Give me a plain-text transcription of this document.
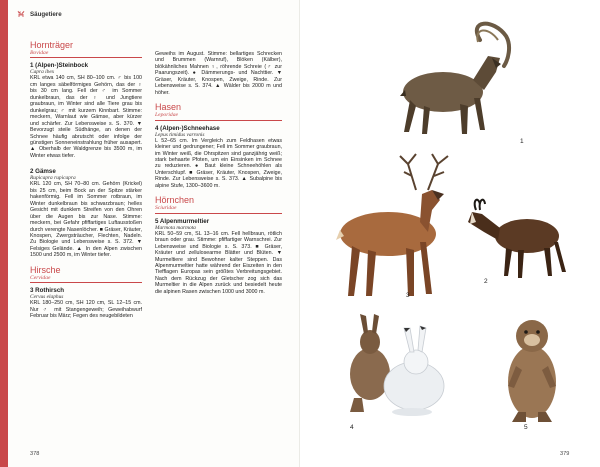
Säugetiere
Hornträger
Bovidae
1 (Alpen-)Steinbock
Capra ibex
KRL etwa 140 cm, SH 80–100 cm. ♂ bis 100 cm langes säbelförmiges Gehörn, das der ♀ bis 30 cm lang. Fell der ♂ im Sommer dunkelbraun, das der ♀ und Jungtiere graubraun, im Winter sind alle Tiere grau bis dunkelgrau; ♂ mit kurzem Kinnbart. Stimme: meckern, Warnlaut wie Gämse, aber kürzer und schärfer. Zur Lebensweise s. S. 370. ▼ Bevorzugt steile Südhänge, an denen der Schnee häufig abrutscht oder infolge der günstigen Sonneneinstrahlung früher ausapert. ▲ Oberhalb der Waldgrenze bis 3500 m, im Winter etwas tiefer.
2 Gämse
Rupicapra rupicapra
KRL 120 cm, SH 70–80 cm. Gehörn (Krickel) bis 25 cm, beim Bock an der Spitze stärker hakenförmig. Fell im Sommer rotbraun, im Winter dunkelbraun bis schwarzbraun; helles Gesicht mit dunklem Streifen von den Ohren über die Augen bis zur Nase. Stimme: meckern, bei Gefahr pfiffartiges Luftausstoßen durch verengte Nasenlöcher. ■ Gräser, Kräuter, Knospen, Zwergsträucher, Flechten, Nadeln. Zu Biologie und Lebensweise s. S. 372. ▼ Felsiges Gelände. ▲ In den Alpen zwischen 1500 und 2500 m, im Winter tiefer.
Hirsche
Cervidae
3 Rothirsch
Cervus elaphus
KRL 180–250 cm, SH 120 cm, SL 12–15 cm. Nur ♂ mit Stangengeweih; Geweihabwurf Februar bis März; Fegen des neugebildeten
Geweihs im August. Stimme: bellartiges Schrecken und Brummen (Warnruf), Blöken (Kälber), blökähnliches Mahnen ♀, röhrende Schreie (♂ zur Paarungszeit). ● Dämmerungs- und Nachttier. ▼ Gräser, Kräuter, Knospen, Zweige, Rinde. Zur Lebensweise s. S. 374. ▲ Wälder bis 2000 m und höher.
Hasen
Leporidae
4 (Alpen-)Schneehase
Lepus timidus varronis
L 52–65 cm. Im Vergleich zum Feldhasen etwas kleiner und gedrungener; Fell im Sommer graubraun, im Winter weiß, die Ohrspitzen sind ganzjährig weiß; stark behaarte Pfoten, um ein Einsinken im Schnee zu reduzieren. ● Baut kleine Schneehöhlen als Unterschlupf. ■ Gräser, Kräuter, Knospen, Zweige, Rinde. Zur Lebensweise s. S. 373. ▲ Subalpine bis alpine Stufe, 1300–3600 m.
Hörnchen
Sciuridae
5 Alpenmurmeltier
Marmota marmota
KRL 50–59 cm, SL 13–16 cm. Fell hellbraun, rötlich braun oder grau. Stimme: pfiffartiger Warnschrei. Zur Lebensweise und Biologie s. S. 373. ■ Gräser, Kräuter und zellulosearme Blätter und Blüten. ▼ Murmeltiere sind Bewohner kalter Steppen. Das Alpenmurmeltier hatte während der Eiszeiten in den Tiefflagen Europas sein größtes Verbreitungsgebiet. Nach dem Rückzug der Gletscher zog sich das Murmeltier in die Alpen zurück und besiedelt heute die alpinen Rasen zwischen 1000 und 3000 m.
378
1
2
3
4	5
379
